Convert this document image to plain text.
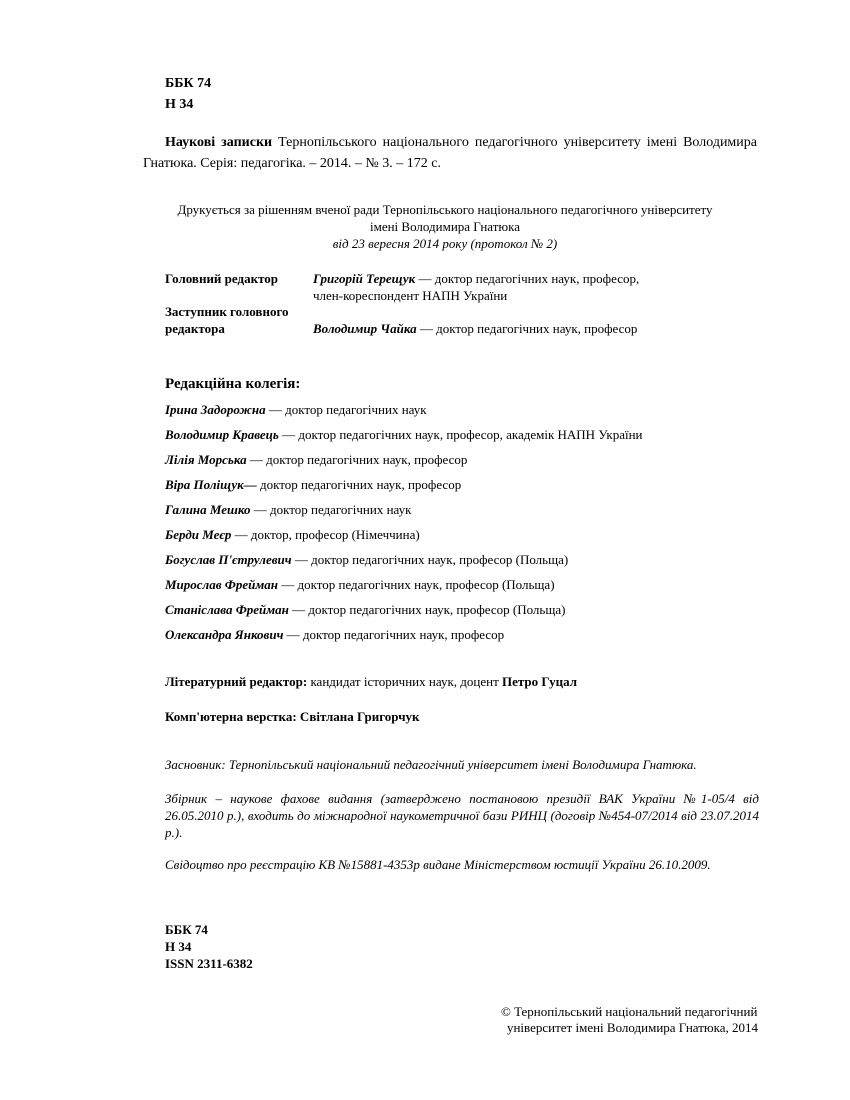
ББК 74
Н 34
Наукові записки Тернопільського національного педагогічного університету імені Володимира Гнатюка. Серія: педагогіка. – 2014. – № 3. – 172 с.
Друкується за рішенням вченої ради Тернопільського національного педагогічного університету
імені Володимира Гнатюка
від 23 вересня 2014 року (протокол № 2)
Головний редактор	Григорій Терещук — доктор педагогічних наук, професор,
член-кореспондент НАПН України
Заступник головного
редактора	Володимир Чайка — доктор педагогічних наук, професор
Редакційна колегія:
Ірина Задорожна — доктор педагогічних наук
Володимир Кравець — доктор педагогічних наук, професор, академік НАПН України
Лілія Морська — доктор педагогічних наук, професор
Віра Поліщук— доктор педагогічних наук, професор
Галина Мешко — доктор педагогічних наук
Берди Меєр — доктор, професор (Німеччина)
Богуслав П'єтрулевич — доктор педагогічних наук, професор (Польща)
Мирослав Фрейман — доктор педагогічних наук, професор (Польща)
Станіслава Фрейман — доктор педагогічних наук, професор (Польща)
Олександра Янкович — доктор педагогічних наук, професор
Літературний редактор: кандидат історичних наук, доцент Петро Гуцал
Комп'ютерна верстка: Світлана Григорчук
Засновник: Тернопільський національний педагогічний університет імені Володимира Гнатюка.
Збірник – наукове фахове видання (затверджено постановою президії ВАК України №1-05/4 від 26.05.2010 р.), входить до міжнародної наукометричної бази РИНЦ (договір №454-07/2014 від 23.07.2014 р.).
Свідоцтво про реєстрацію КВ №15881-4353р видане Міністерством юстиції України 26.10.2009.
ББК 74
Н 34
ISSN 2311-6382
© Тернопільський національний педагогічний
університет імені Володимира Гнатюка, 2014
